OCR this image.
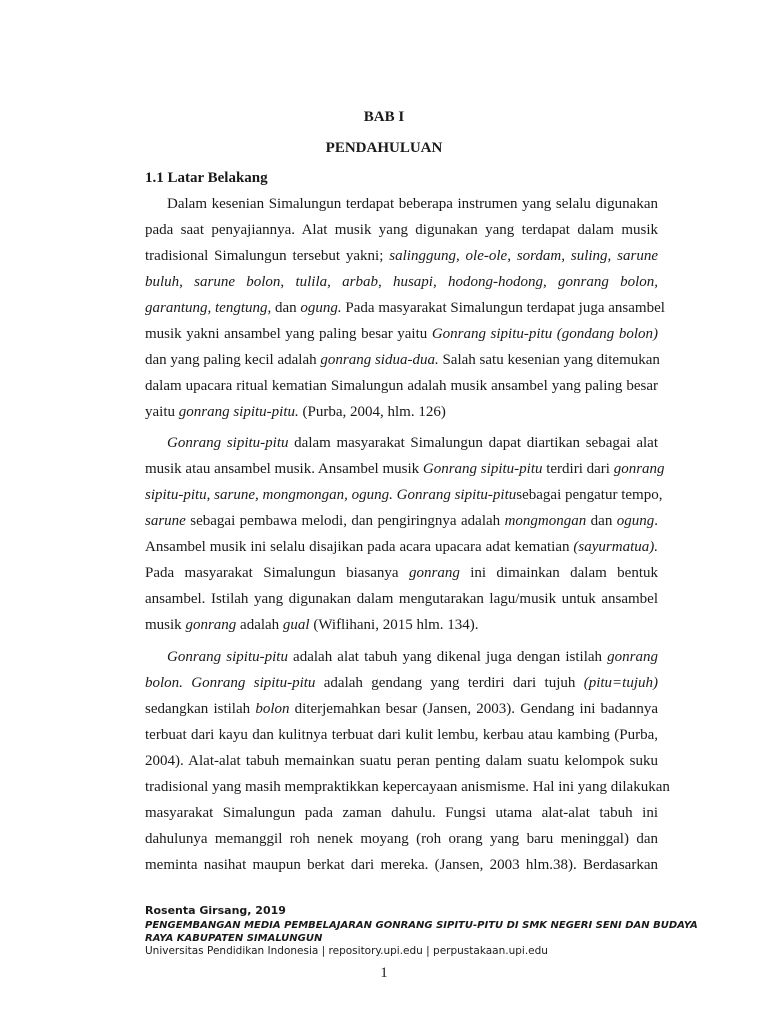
BAB I
PENDAHULUAN
1.1 Latar Belakang
Dalam kesenian Simalungun terdapat beberapa instrumen yang selalu digunakan
pada saat penyajiannya. Alat musik yang digunakan yang terdapat dalam musik
tradisional Simalungun tersebut yakni; salinggung, ole-ole, sordam, suling, sarune
buluh, sarune bolon, tulila, arbab, husapi, hodong-hodong, gonrang bolon,
garantung, tengtung, dan ogung. Pada masyarakat Simalungun terdapat juga ansambel
musik yakni ansambel yang paling besar yaitu Gonrang sipitu-pitu (gondang bolon)
dan yang paling kecil adalah gonrang sidua-dua. Salah satu kesenian yang ditemukan
dalam upacara ritual kematian Simalungun adalah musik ansambel yang paling besar
yaitu gonrang sipitu-pitu. (Purba, 2004, hlm. 126)
Gonrang sipitu-pitu dalam masyarakat Simalungun dapat diartikan sebagai alat
musik atau ansambel musik. Ansambel musik Gonrang sipitu-pitu terdiri dari gonrang
sipitu-pitu, sarune, mongmongan, ogung. Gonrang sipitu-pitusebagai pengatur tempo,
sarune sebagai pembawa melodi, dan pengiringnya adalah mongmongan dan ogung.
Ansambel musik ini selalu disajikan pada acara upacara adat kematian (sayurmatua).
Pada masyarakat Simalungun biasanya gonrang ini dimainkan dalam bentuk
ansambel. Istilah yang digunakan dalam mengutarakan lagu/musik untuk ansambel
musik gonrang adalah gual (Wiflihani, 2015 hlm. 134).
Gonrang sipitu-pitu adalah alat tabuh yang dikenal juga dengan istilah gonrang
bolon. Gonrang sipitu-pitu adalah gendang yang terdiri dari tujuh (pitu=tujuh)
sedangkan istilah bolon diterjemahkan besar (Jansen, 2003). Gendang ini badannya
terbuat dari kayu dan kulitnya terbuat dari kulit lembu, kerbau atau kambing (Purba,
2004). Alat-alat tabuh memainkan suatu peran penting dalam suatu kelompok suku
tradisional yang masih mempraktikkan kepercayaan anismisme. Hal ini yang dilakukan
masyarakat Simalungun pada zaman dahulu. Fungsi utama alat-alat tabuh ini
dahulunya memanggil roh nenek moyang (roh orang yang baru meninggal) dan
meminta nasihat maupun berkat dari mereka. (Jansen, 2003 hlm.38). Berdasarkan
Rosenta Girsang, 2019
PENGEMBANGAN MEDIA PEMBELAJARAN GONRANG SIPITU-PITU DI SMK NEGERI SENI DAN BUDAYA
RAYA KABUPATEN SIMALUNGUN
Universitas Pendidikan Indonesia | repository.upi.edu | perpustakaan.upi.edu
1
